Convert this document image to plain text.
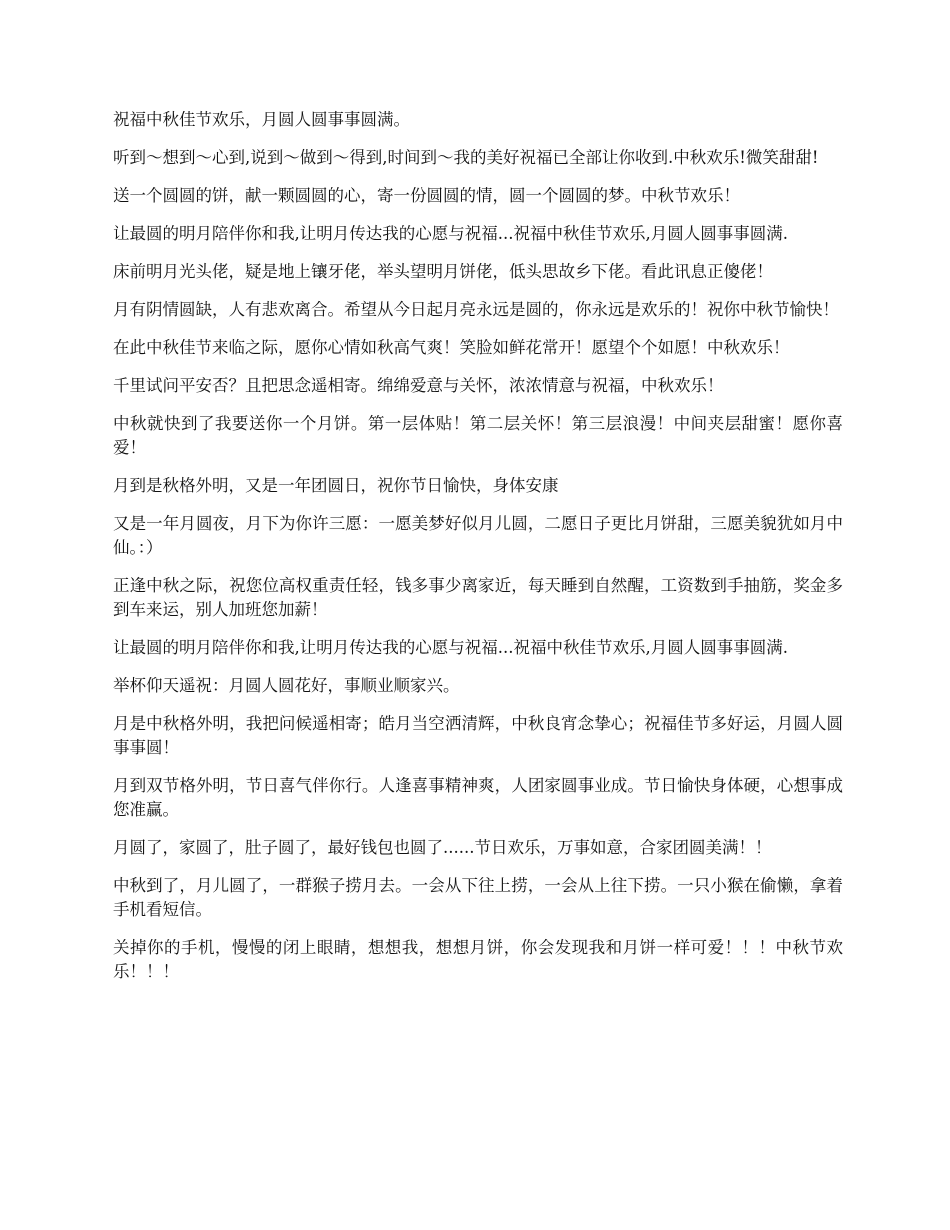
祝福中秋佳节欢乐，月圆人圆事事圆满。

听到～想到～心到,说到～做到～得到,时间到～我的美好祝福已全部让你收到.中秋欢乐!微笑甜甜!

送一个圆圆的饼，献一颗圆圆的心，寄一份圆圆的情，圆一个圆圆的梦。中秋节欢乐！

让最圆的明月陪伴你和我,让明月传达我的心愿与祝福...祝福中秋佳节欢乐,月圆人圆事事圆满.

床前明月光头佬，疑是地上镶牙佬，举头望明月饼佬，低头思故乡下佬。看此讯息正傻佬！

月有阴情圆缺，人有悲欢离合。希望从今日起月亮永远是圆的，你永远是欢乐的！祝你中秋节愉快！

在此中秋佳节来临之际，愿你心情如秋高气爽！笑脸如鲜花常开！愿望个个如愿！中秋欢乐！

千里试问平安否？且把思念遥相寄。绵绵爱意与关怀，浓浓情意与祝福，中秋欢乐！

中秋就快到了我要送你一个月饼。第一层体贴！第二层关怀！第三层浪漫！中间夹层甜蜜！愿你喜爱！

月到是秋格外明，又是一年团圆日，祝你节日愉快，身体安康

又是一年月圆夜，月下为你许三愿：一愿美梦好似月儿圆，二愿日子更比月饼甜，三愿美貌犹如月中仙。：）

正逢中秋之际，祝您位高权重责任轻，钱多事少离家近，每天睡到自然醒，工资数到手抽筋，奖金多到车来运，别人加班您加薪！

让最圆的明月陪伴你和我,让明月传达我的心愿与祝福...祝福中秋佳节欢乐,月圆人圆事事圆满.

举杯仰天遥祝：月圆人圆花好，事顺业顺家兴。

月是中秋格外明，我把问候遥相寄；皓月当空洒清辉，中秋良宵念挚心；祝福佳节多好运，月圆人圆事事圆！

月到双节格外明，节日喜气伴你行。人逢喜事精神爽，人团家圆事业成。节日愉快身体硬，心想事成您准赢。

月圆了，家圆了，肚子圆了，最好钱包也圆了......节日欢乐，万事如意，合家团圆美满！！

中秋到了，月儿圆了，一群猴子捞月去。一会从下往上捞，一会从上往下捞。一只小猴在偷懒，拿着手机看短信。

关掉你的手机，慢慢的闭上眼睛，想想我，想想月饼，你会发现我和月饼一样可爱！！！中秋节欢乐！！！
